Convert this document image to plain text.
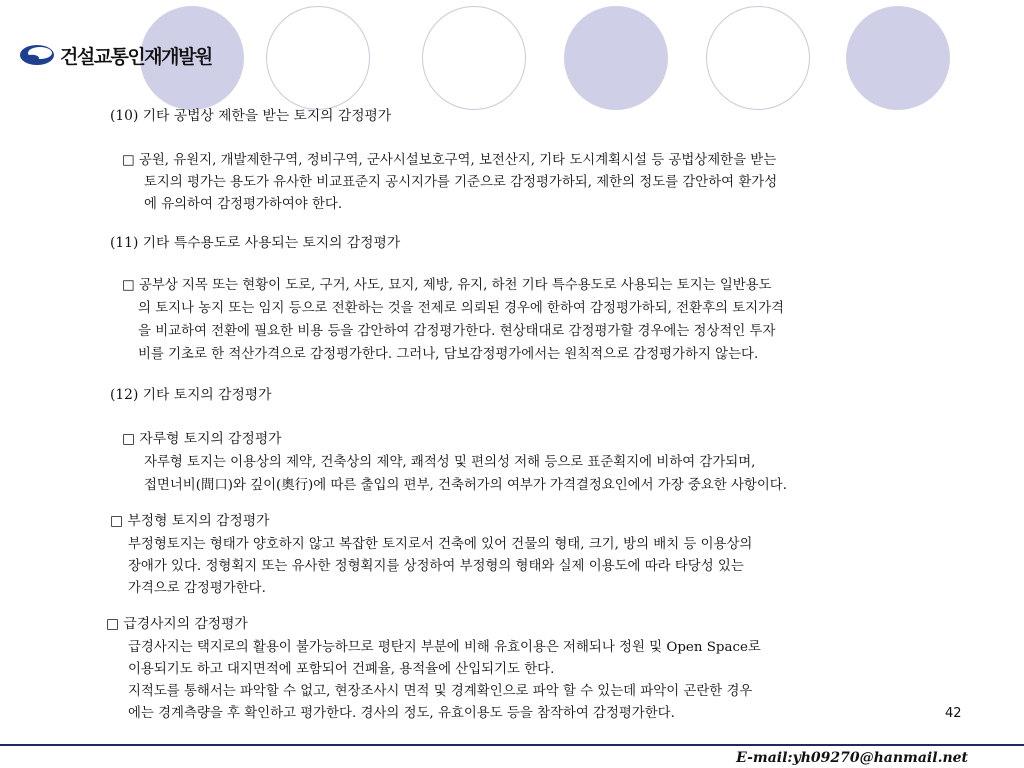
건설교통인재개발원
(10) 기타 공법상 제한을 받는 토지의 감정평가
□ 공원, 유원지, 개발제한구역, 정비구역, 군사시설보호구역, 보전산지, 기타 도시계획시설 등 공법상제한을 받는
토지의 평가는 용도가 유사한 비교표준지 공시지가를 기준으로 감정평가하되, 제한의 정도를 감안하여 환가성
에 유의하여 감정평가하여야 한다.
(11) 기타 특수용도로 사용되는 토지의 감정평가
□ 공부상 지목 또는 현황이 도로, 구거, 사도, 묘지, 제방, 유지, 하천 기타 특수용도로 사용되는 토지는 일반용도
의 토지나 농지 또는 임지 등으로 전환하는 것을 전제로 의뢰된 경우에 한하여 감정평가하되, 전환후의 토지가격
을 비교하여 전환에 필요한 비용 등을 감안하여 감정평가한다. 현상태대로 감정평가할 경우에는 정상적인 투자
비를 기초로 한 적산가격으로 감정평가한다. 그러나, 담보감정평가에서는 원칙적으로 감정평가하지 않는다.
(12) 기타 토지의 감정평가
□ 자루형 토지의 감정평가
자루형 토지는 이용상의 제약, 건축상의 제약, 쾌적성 및 편의성 저해 등으로 표준획지에 비하여 감가되며,
접면너비(間口)와 깊이(奧行)에 따른 출입의 편부, 건축허가의 여부가 가격결정요인에서 가장 중요한 사항이다.
□ 부정형 토지의 감정평가
부정형토지는 형태가 양호하지 않고 복잡한 토지로서 건축에 있어 건물의 형태, 크기, 방의 배치 등 이용상의
장애가 있다. 정형획지 또는 유사한 정형획지를 상정하여 부정형의 형태와 실제 이용도에 따라 타당성 있는
가격으로 감정평가한다.
□ 급경사지의 감정평가
급경사지는 택지로의 활용이 불가능하므로 평탄지 부분에 비해 유효이용은 저해되나 정원 및 Open Space로
이용되기도 하고 대지면적에 포함되어 건폐율, 용적율에 산입되기도 한다.
지적도를 통해서는 파악할 수 없고, 현장조사시 면적 및 경계확인으로 파악 할 수 있는데 파악이 곤란한 경우
에는 경계측량을 후 확인하고 평가한다. 경사의 정도, 유효이용도 등을 참작하여 감정평가한다.	42
E-mail:yh09270@hanmail.net
